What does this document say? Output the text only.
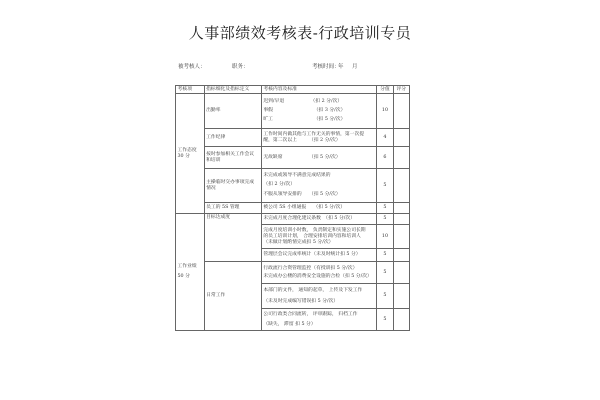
人事部绩效考核表-行政培训专员
被考核人：	职务：	考核时间：
年 月
考核项	指标细化及指标定义	考核内容及标准	分值	评分

工作态度
30 分	出勤率	迟到/早退　　　　　　（扣 2 分/次）
事假　　　　　　　　　（扣 3 分/次）
旷工　　　　　　　　　（扣 5 分/次）	10	
	工作纪律	工作时间内做其他与工作无关的事情，第一次提
醒，第二次以上　　　（扣 2 分/次）	4	

	按时参加相关工作会议
和培训	无故缺席　　　　　　（扣 5 分/次）	6	

	主操临时交办事项完成
情况	未完成或领导不满意完成结果的
（扣 2 分/次）
不服从领导安排的　　（扣 5 分/次）	5	
	员工的 5S 管理	被公司 5S 小组通报　　（扣 5 分/次）	5	

工作业绩
50 分	目标达成度	未完成月度合理化建议条数　（扣 5 分/次）	5	

		完成月度培训小时数， 负责制定和实施公司长期
的员工培训计划， 合理安排培训内容和培训人
（未做计划酌情完成扣 5 分/次）	10	
		管理层会议完成率统计（未及时统计扣 5 分）	5	
	日常工作	行政流行合资管理监控（有授训扣 5 分/次）
未完成办公楼的消费安全设施的合检（扣 5 分/次）	5	

		本部门的文件， 通知的起草， 上传及下发工作
（未及时完成编写错误扣 5 分/次）	5	

		公司行政类合同流转， 评审跟踪， 归档工作
（缺失， 滞留 扣 5 分）	5	
